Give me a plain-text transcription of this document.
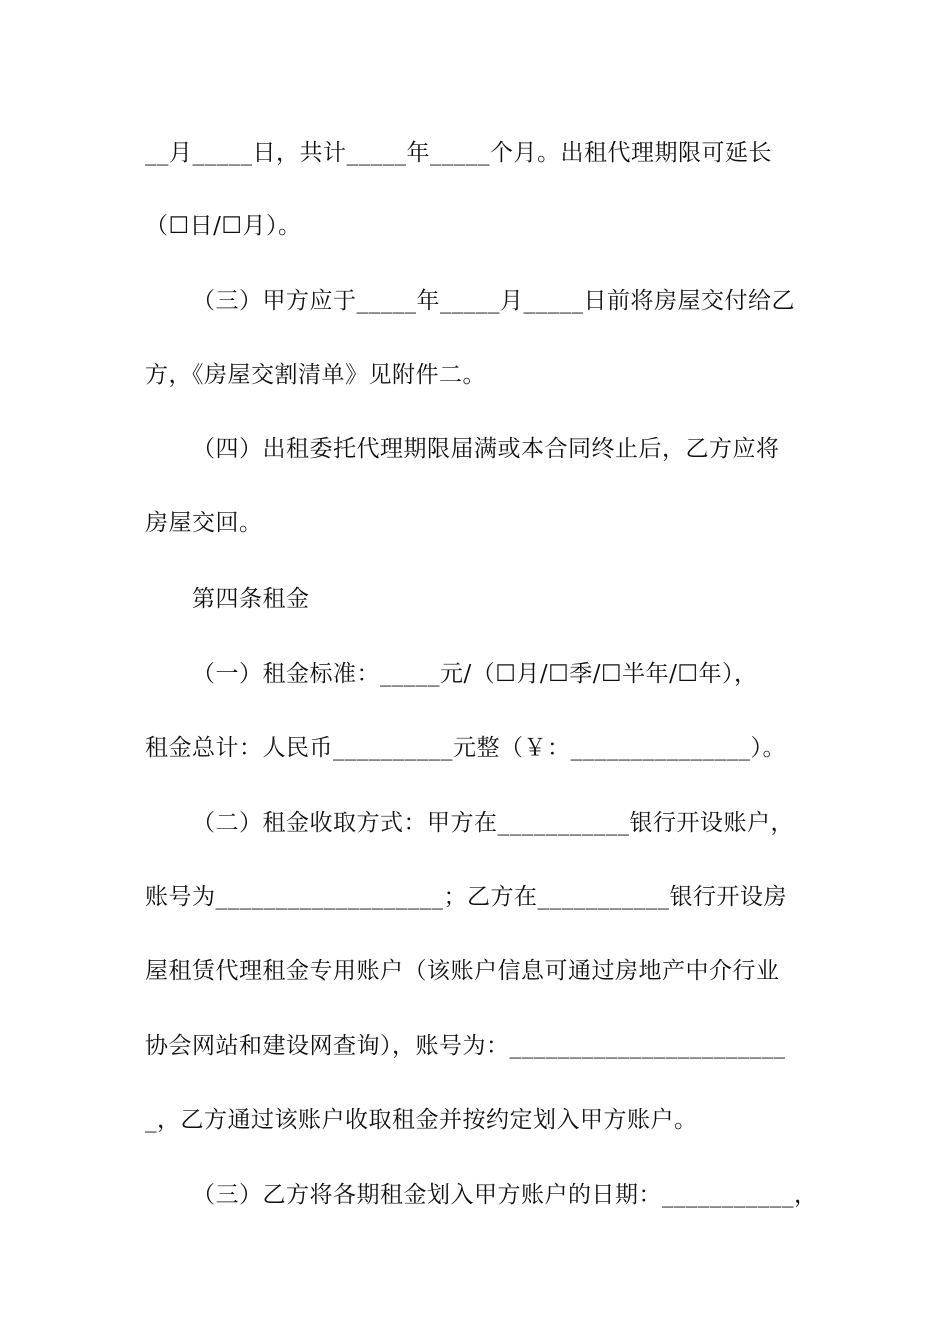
__月_____日，共计_____年_____个月。出租代理期限可延长
（☐日/☐月）。
（三）甲方应于_____年_____月_____日前将房屋交付给乙
方，《房屋交割清单》见附件二。
（四）出租委托代理期限届满或本合同终止后，乙方应将
房屋交回。
第四条租金
（一）租金标准：_____元/（☐月/☐季/☐半年/☐年），
租金总计：人民币__________元整（￥：_______________）。
（二）租金收取方式：甲方在___________银行开设账户，
账号为___________________；乙方在___________银行开设房
屋租赁代理租金专用账户（该账户信息可通过房地产中介行业
协会网站和建设网查询），账号为：_______________________
_，乙方通过该账户收取租金并按约定划入甲方账户。
（三）乙方将各期租金划入甲方账户的日期：___________，
